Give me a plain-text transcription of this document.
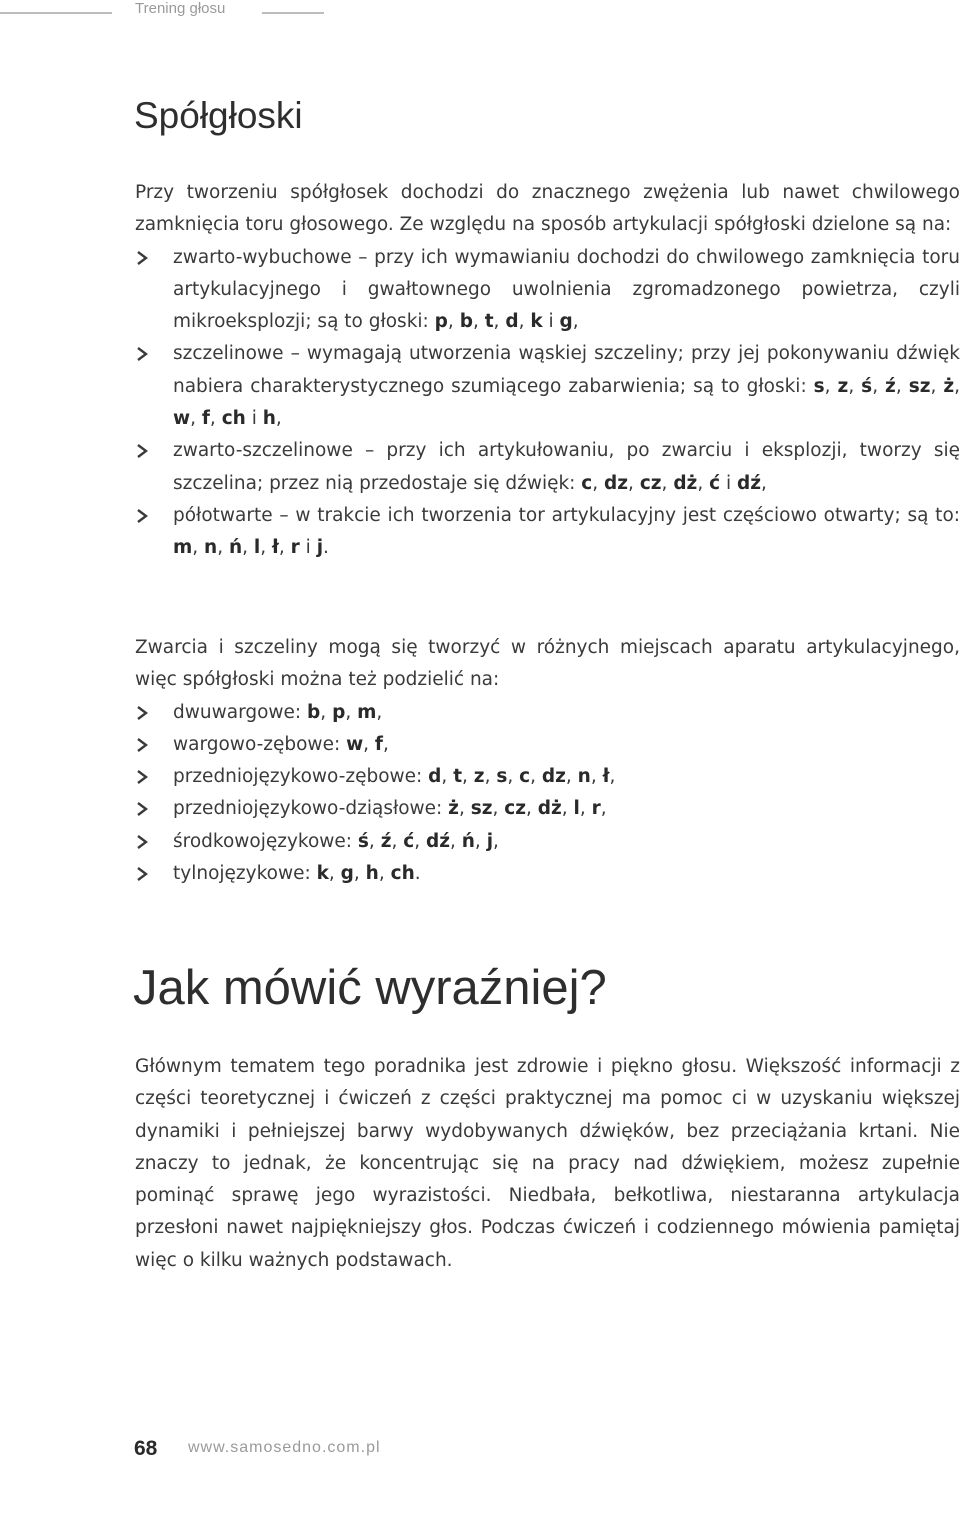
Trening głosu
Spółgłoski

Przy tworzeniu spółgłosek dochodzi do znacznego zwężenia lub nawet chwilowego zamknięcia toru głosowego. Ze względu na sposób artykulacji spółgłoski dzielone są na:

zwarto-wybuchowe – przy ich wymawianiu dochodzi do chwilowego zamknięcia toru artykulacyjnego i gwałtownego uwolnienia zgromadzonego powietrza, czyli mikroeksplozji; są to głoski: p, b, t, d, k i g,
szczelinowe – wymagają utworzenia wąskiej szczeliny; przy jej pokonywaniu dźwięk nabiera charakterystycznego szumiącego zabarwienia; są to głoski: s, z, ś, ź, sz, ż, w, f, ch i h,
zwarto-szczelinowe – przy ich artykułowaniu, po zwarciu i eksplozji, tworzy się szczelina; przez nią przedostaje się dźwięk: c, dz, cz, dż, ć i dź,
półotwarte – w trakcie ich tworzenia tor artykulacyjny jest częściowo otwarty; są to: m, n, ń, l, ł, r i j.

Zwarcia i szczeliny mogą się tworzyć w różnych miejscach aparatu artykulacyjnego, więc spółgłoski można też podzielić na:

dwuwargowe: b, p, m,
wargowo-zębowe: w, f,
przedniojęzykowo-zębowe: d, t, z, s, c, dz, n, ł,
przedniojęzykowo-dziąsłowe: ż, sz, cz, dż, l, r,
środkowojęzykowe: ś, ź, ć, dź, ń, j,
tylnojęzykowe: k, g, h, ch.
Jak mówić wyraźniej?

Głównym tematem tego poradnika jest zdrowie i piękno głosu. Większość informacji z części teoretycznej i ćwiczeń z części praktycznej ma pomoc ci w uzyskaniu większej dynamiki i pełniejszej barwy wydobywanych dźwięków, bez przeciążania krtani. Nie znaczy to jednak, że koncentrując się na pracy nad dźwiękiem, możesz zupełnie pominąć sprawę jego wyrazistości. Niedbała, bełkotliwa, niestaranna artykulacja przesłoni nawet najpiękniejszy głos. Podczas ćwiczeń i codziennego mówienia pamiętaj więc o kilku ważnych podstawach.

68 www.samosedno.com.pl
